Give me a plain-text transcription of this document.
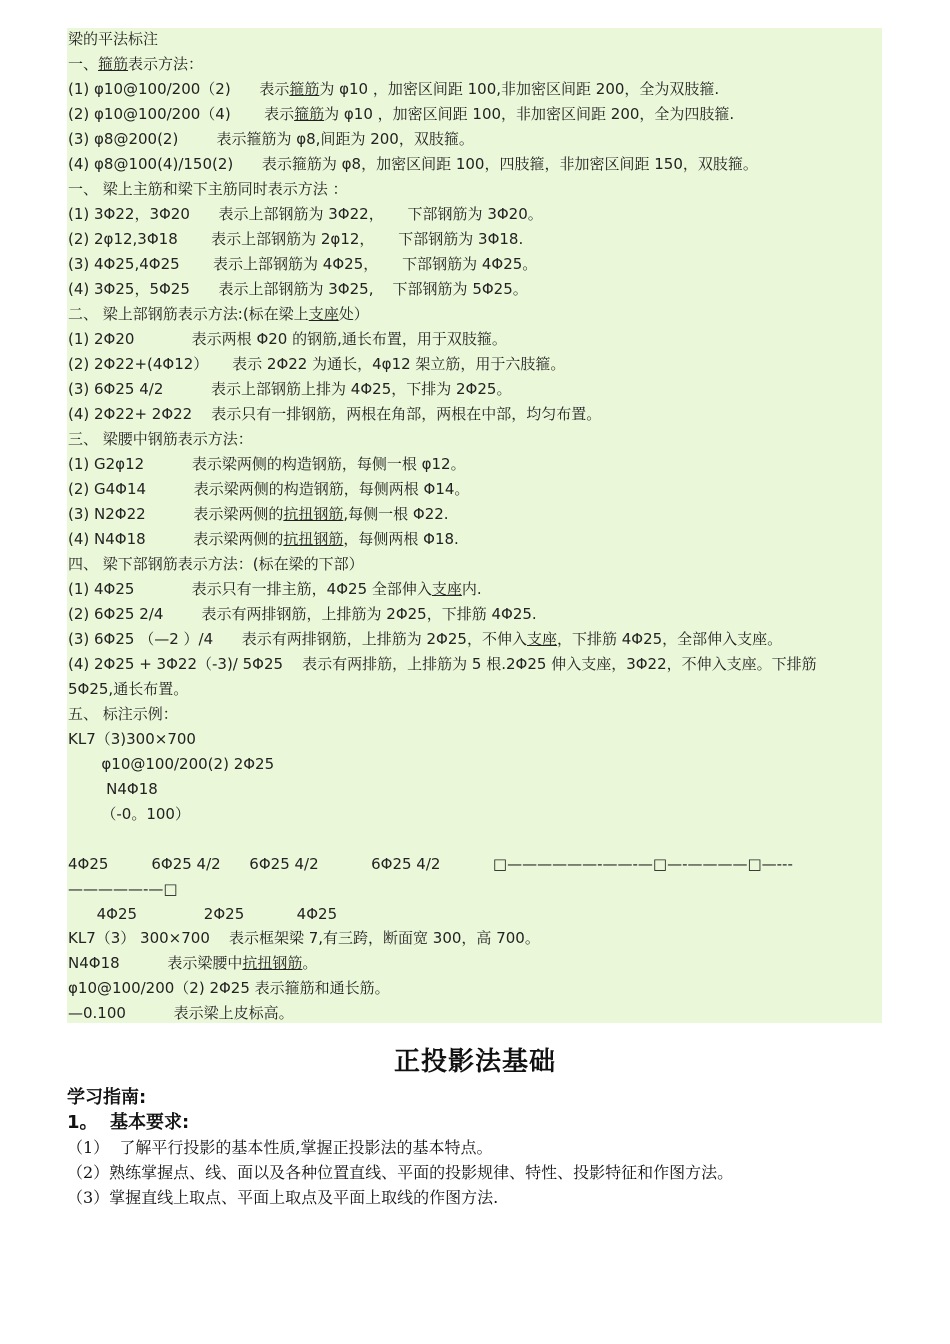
梁的平法标注
一、箍筋表示方法：
(1) φ10@100/200（2)      表示箍筋为 φ10 ，加密区间距 100,非加密区间距 200，全为双肢箍.
(2) φ10@100/200（4)       表示箍筋为 φ10 ，加密区间距 100，非加密区间距 200，全为四肢箍.
(3) φ8@200(2)        表示箍筋为 φ8,间距为 200，双肢箍。
(4) φ8@100(4)/150(2)      表示箍筋为 φ8，加密区间距 100，四肢箍，非加密区间距 150，双肢箍。
一、 梁上主筋和梁下主筋同时表示方法 ：
(1) 3Φ22，3Φ20      表示上部钢筋为 3Φ22，     下部钢筋为 3Φ20。
(2) 2φ12,3Φ18       表示上部钢筋为 2φ12，     下部钢筋为 3Φ18.
(3) 4Φ25,4Φ25       表示上部钢筋为 4Φ25，     下部钢筋为 4Φ25。
(4) 3Φ25，5Φ25      表示上部钢筋为 3Φ25,    下部钢筋为 5Φ25。
二、 梁上部钢筋表示方法:(标在梁上支座处）
(1) 2Φ20            表示两根 Φ20 的钢筋,通长布置，用于双肢箍。
(2) 2Φ22+(4Φ12）     表示 2Φ22 为通长，4φ12 架立筋，用于六肢箍。
(3) 6Φ25 4/2          表示上部钢筋上排为 4Φ25，下排为 2Φ25。
(4) 2Φ22+ 2Φ22    表示只有一排钢筋，两根在角部，两根在中部，均匀布置。
三、 梁腰中钢筋表示方法：
(1) G2φ12          表示梁两侧的构造钢筋，每侧一根 φ12。
(2) G4Φ14          表示梁两侧的构造钢筋，每侧两根 Φ14。
(3) N2Φ22          表示梁两侧的抗扭钢筋,每侧一根 Φ22.
(4) N4Φ18          表示梁两侧的抗扭钢筋，每侧两根 Φ18.
四、 梁下部钢筋表示方法：(标在梁的下部）
(1) 4Φ25            表示只有一排主筋，4Φ25 全部伸入支座内.
(2) 6Φ25 2/4        表示有两排钢筋，上排筋为 2Φ25，下排筋 4Φ25.
(3) 6Φ25 （—2 ）/4      表示有两排钢筋，上排筋为 2Φ25，不伸入支座，下排筋 4Φ25，全部伸入支座。
(4) 2Φ25 + 3Φ22（-3)/ 5Φ25    表示有两排筋，上排筋为 5 根.2Φ25 伸入支座，3Φ22，不伸入支座。下排筋
5Φ25,通长布置。
五、 标注示例：
KL7（3)300×700
φ10@100/200(2) 2Φ25
N4Φ18
（-0。100）
4Φ25         6Φ25 4/2      6Φ25 4/2           6Φ25 4/2           □——————-——-—□—-————□—---
—————-—□
4Φ25              2Φ25           4Φ25
KL7（3） 300×700    表示框架梁 7,有三跨，断面宽 300，高 700。
N4Φ18          表示梁腰中抗扭钢筋。
φ10@100/200（2) 2Φ25 表示箍筋和通长筋。
—0.100          表示梁上皮标高。
正投影法基础
学习指南:
1。  基本要求:
（1）  了解平行投影的基本性质,掌握正投影法的基本特点。
（2）熟练掌握点、线、面以及各种位置直线、平面的投影规律、特性、投影特征和作图方法。
（3）掌握直线上取点、平面上取点及平面上取线的作图方法.
